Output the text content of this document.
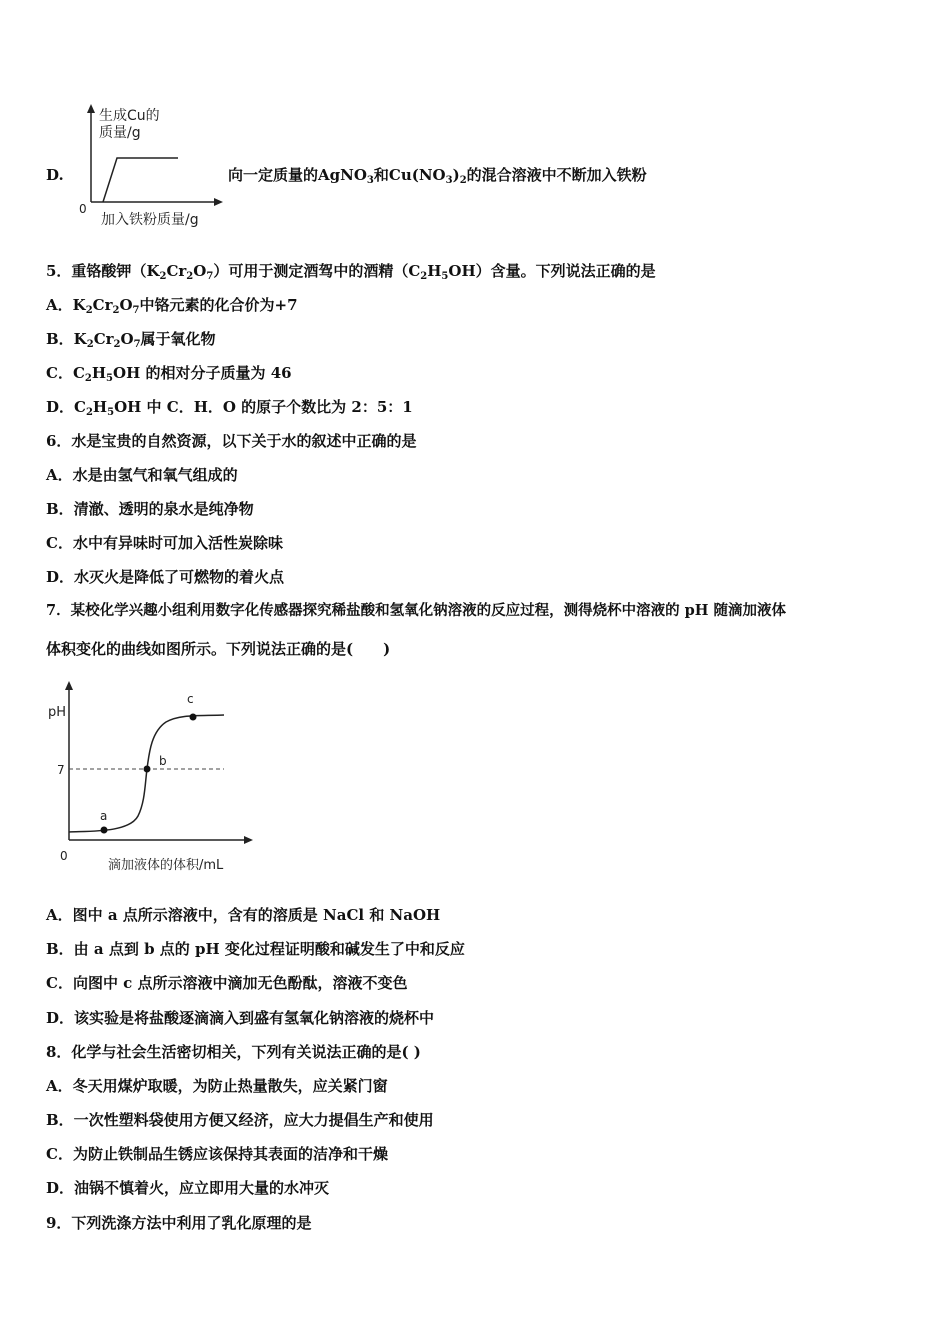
D.
生成Cu的
质量/g
0
加入铁粉质量/g
向一定质量的AgNO$_3$和$Cu(NO_3)_2$的混合溶液中不断加入铁粉
5．重铬酸钾$(K_2Cr_2O_7)$可用于测定酒驾中的酒精$(C_2H_5OH)$含量。下列说法正确的是
A．$K_2Cr_2O_7$中铬元素的化合价为+7
B．$K_2Cr_2O_7$属于氧化物
C．$C_2H_5OH$ 的相对分子质量为 46
D．$C_2H_5OH$ 中 C．H．O 的原子个数比为 2：5：1
6．水是宝贵的自然资源，以下关于水的叙述中正确的是
A．水是由氢气和氧气组成的
B．清澈、透明的泉水是纯净物
C．水中有异味时可加入活性炭除味
D．水灭火是降低了可燃物的着火点
7．某校化学兴趣小组利用数字化传感器探究稀盐酸和氢氧化钠溶液的反应过程，测得烧杯中溶液的 pH 随滴加液体
体积变化的曲线如图所示。下列说法正确的是(　　)
pH
7
0
滴加液体的体积/mL
a
b
c
A．图中 a 点所示溶液中，含有的溶质是 NaCl 和 NaOH
B．由 a 点到 b 点的 pH 变化过程证明酸和碱发生了中和反应
C．向图中 c 点所示溶液中滴加无色酚酞，溶液不变色
D．该实验是将盐酸逐滴滴入到盛有氢氧化钠溶液的烧杯中
8．化学与社会生活密切相关，下列有关说法正确的是( )
A．冬天用煤炉取暖，为防止热量散失，应关紧门窗
B．一次性塑料袋使用方便又经济，应大力提倡生产和使用
C．为防止铁制品生锈应该保持其表面的洁净和干燥
D．油锅不慎着火，应立即用大量的水冲灭
9．下列洗涤方法中利用了乳化原理的是
